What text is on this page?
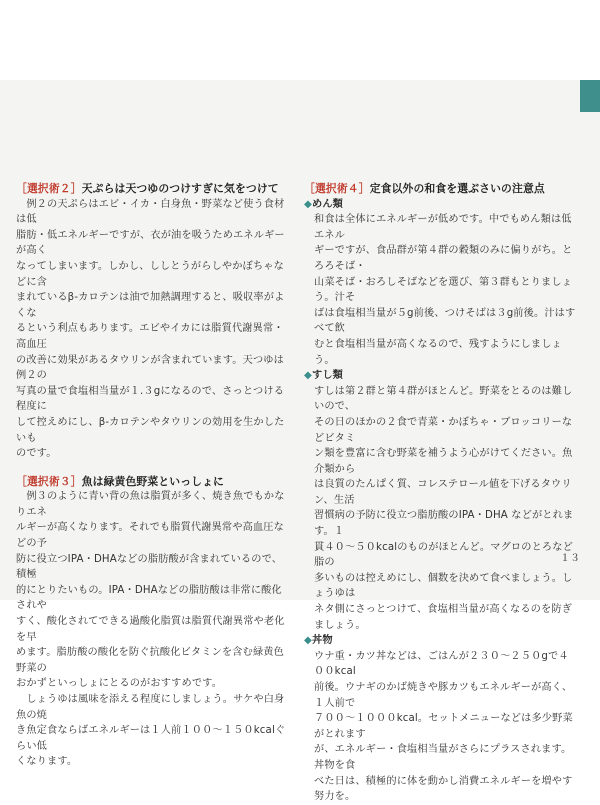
［選択術２］天ぷらは天つゆのつけすぎに気をつけて

　例２の天ぷらはエビ・イカ・白身魚・野菜など使う食材は低

脂肪・低エネルギーですが、衣が油を吸うためエネルギーが高く

なってしまいます。しかし、ししとうがらしやかぼちゃなどに含

まれているβ-カロテンは油で加熱調理すると、吸収率がよくな

るという利点もあります。エビやイカには脂質代謝異常・高血圧

の改善に効果があるタウリンが含まれています。天つゆは例２の

写真の量で食塩相当量が１.３gになるので、さっとつける程度に

して控えめにし、β-カロテンやタウリンの効用を生かしたいも

のです。

［選択術３］魚は緑黄色野菜といっしょに

　例３のように青い背の魚は脂質が多く、焼き魚でもかなりエネ

ルギーが高くなります。それでも脂質代謝異常や高血圧などの予

防に役立つIPA・DHAなどの脂肪酸が含まれているので、積極

的にとりたいもの。IPA・DHAなどの脂肪酸は非常に酸化されや

すく、酸化されてできる過酸化脂質は脂質代謝異常や老化を早

めます。脂肪酸の酸化を防ぐ抗酸化ビタミンを含む緑黄色野菜の

おかずといっしょにとるのがおすすめです。

　しょうゆは風味を添える程度にしましょう。サケや白身魚の焼

き魚定食ならばエネルギーは１人前１００～１５０kcalぐらい低

くなります。

［選択術４］定食以外の和食を選ぶさいの注意点
◆めん類

和食は全体にエネルギーが低めです。中でもめん類は低エネル

ギーですが、食品群が第４群の穀類のみに偏りがち。とろろそば・

山菜そば・おろしそばなどを選び、第３群もとりましょう。汁そ

ばは食塩相当量が５g前後、つけそばは３g前後。汁はすべて飲

むと食塩相当量が高くなるので、残すようにしましょう。

◆すし類

すしは第２群と第４群がほとんど。野菜をとるのは難しいので、

その日のほかの２食で青菜・かぼちゃ・ブロッコリーなどビタミ

ン類を豊富に含む野菜を補うよう心がけてください。魚介類から

は良質のたんぱく質、コレステロール値を下げるタウリン、生活

習慣病の予防に役立つ脂肪酸のIPA・DHA などがとれます。１

貫４０～５０kcalのものがほとんど。マグロのとろなど脂の

多いものは控えめにし、個数を決めて食べましょう。しょうゆは

ネタ側にさっとつけて、食塩相当量が高くなるのを防ぎましょう。

◆丼物

ウナ重・カツ丼などは、ごはんが２３０～２５０gで４００kcal

前後。ウナギのかば焼きや豚カツもエネルギーが高く、１人前で

７００～１０００kcal。セットメニューなどは多少野菜がとれます

が、エネルギー・食塩相当量がさらにプラスされます。丼物を食

べた日は、積極的に体を動かし消費エネルギーを増やす努力を。

１３
